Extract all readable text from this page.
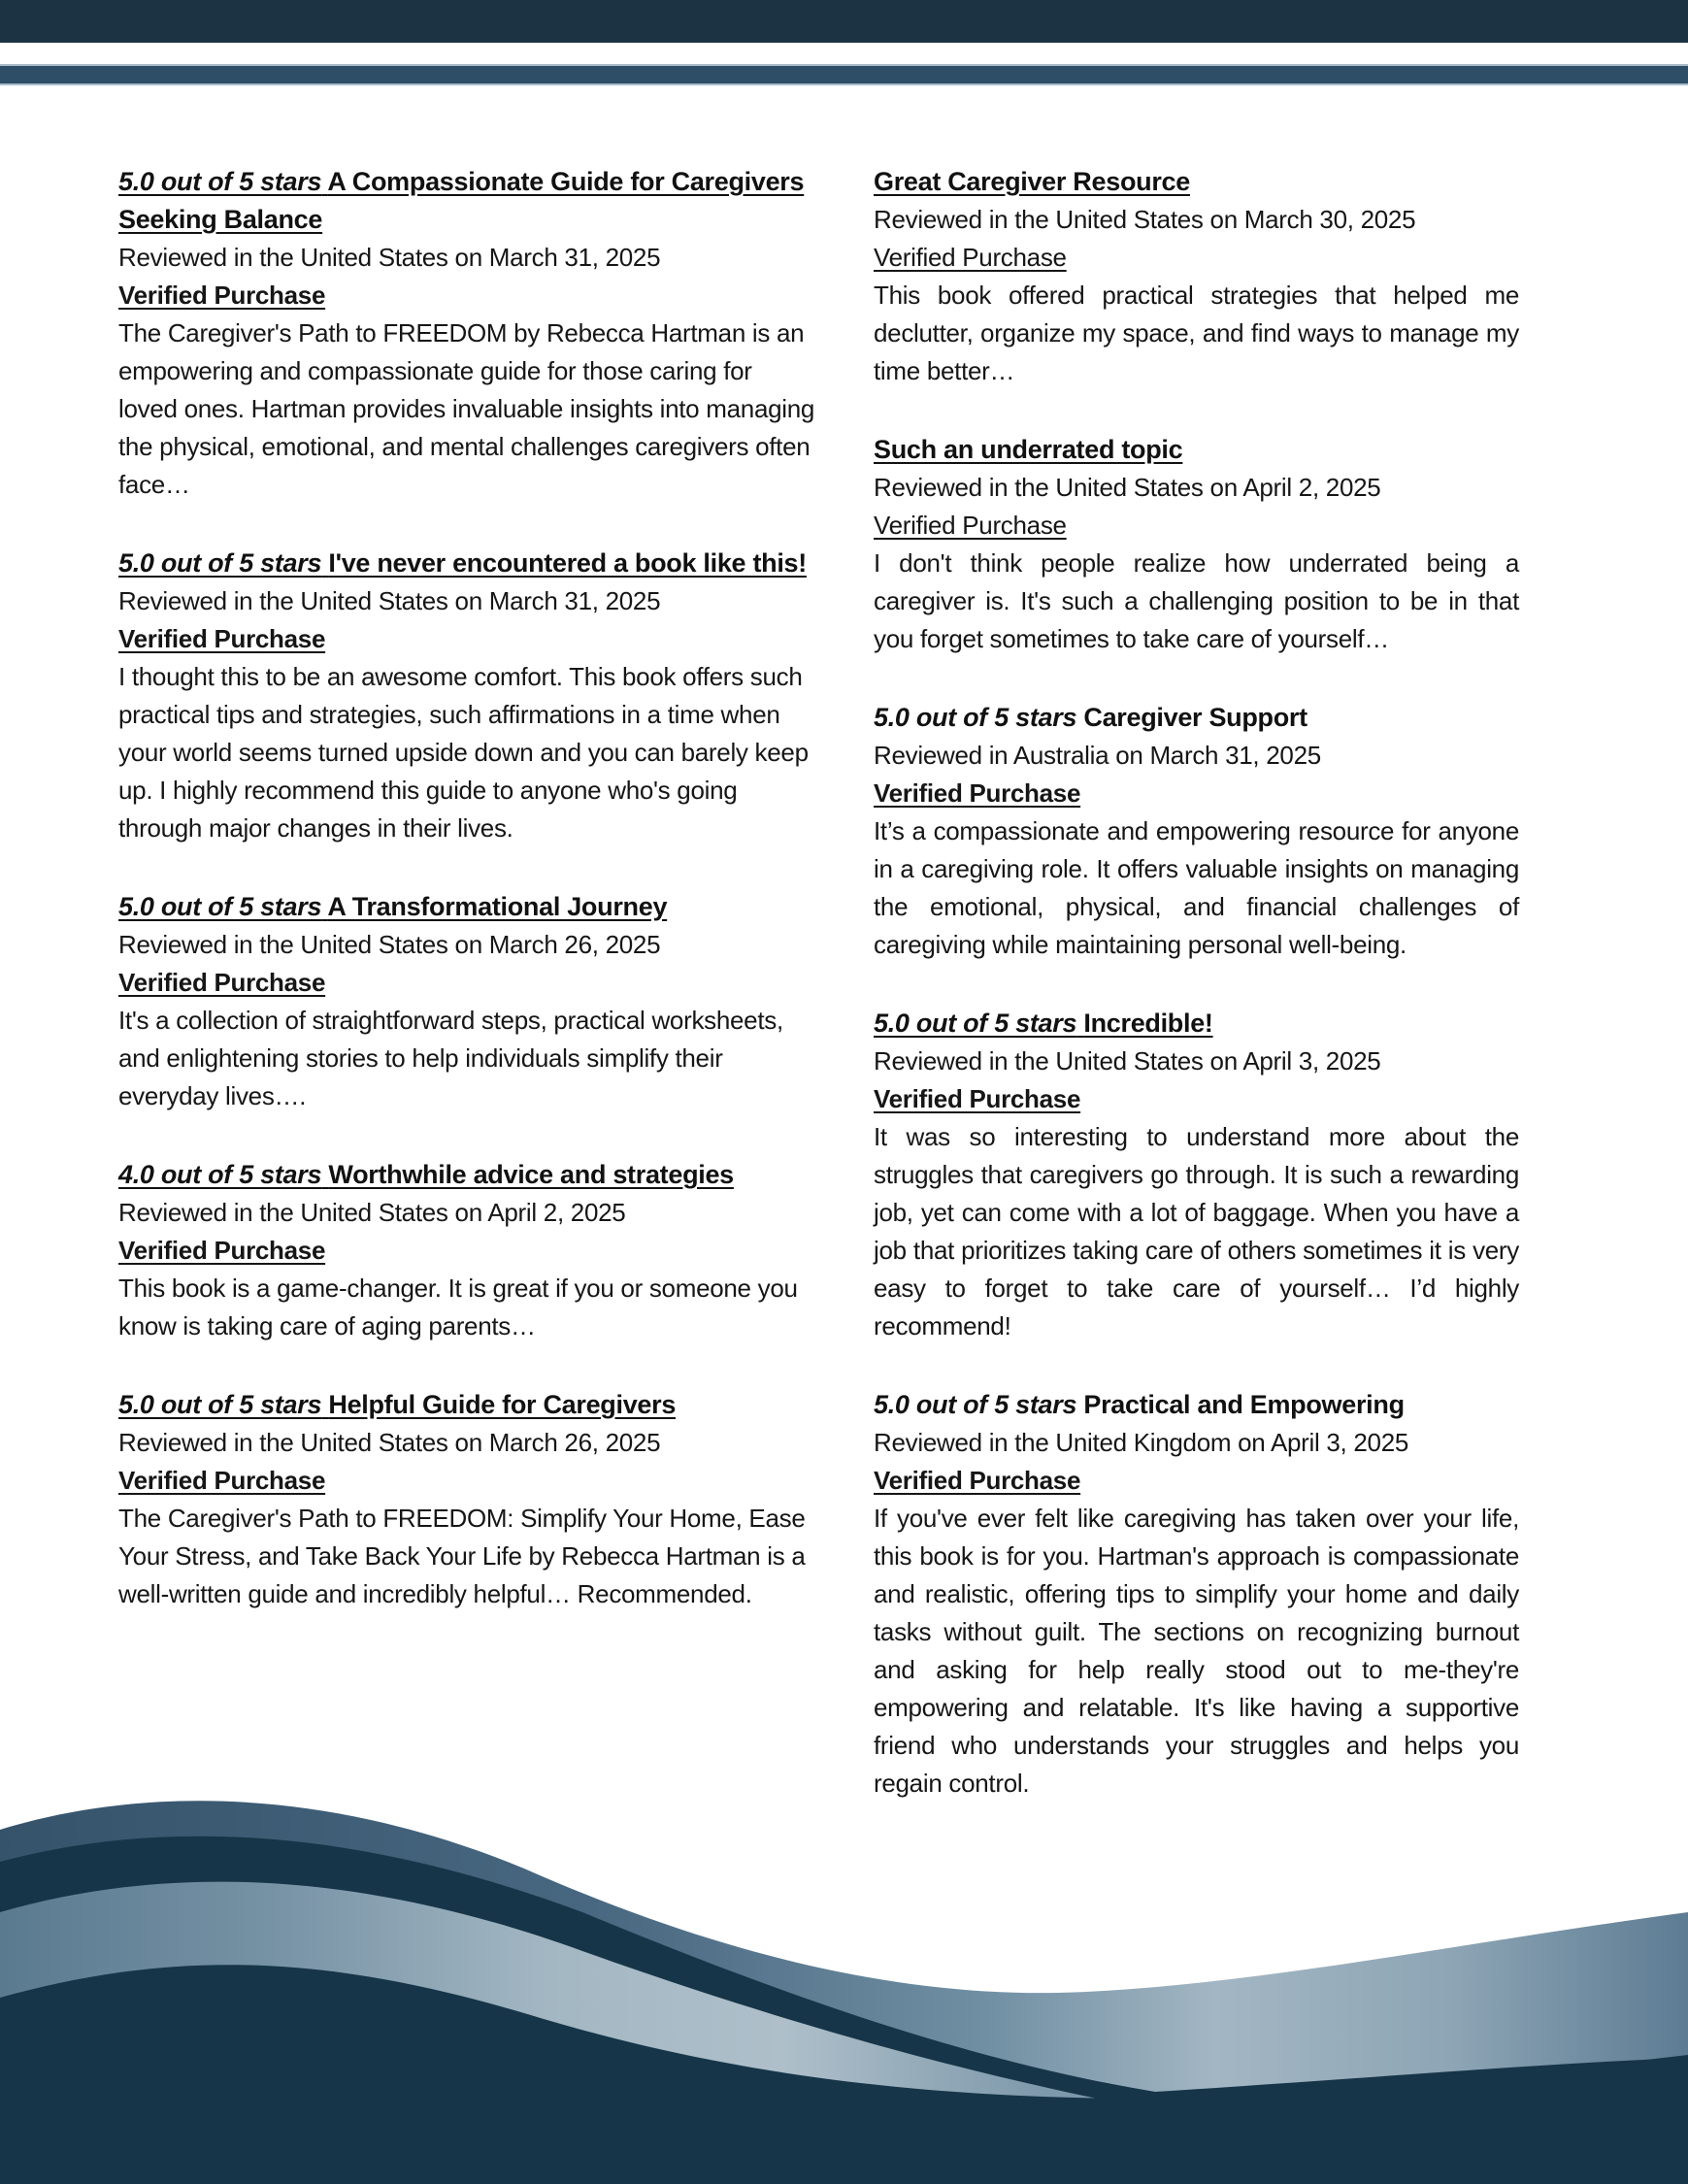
5.0 out of 5 stars A Compassionate Guide for Caregivers Seeking Balance

Reviewed in the United States on March 31, 2025

Verified Purchase

The Caregiver's Path to FREEDOM by Rebecca Hartman is an empowering and compassionate guide for those caring for loved ones. Hartman provides invaluable insights into managing the physical, emotional, and mental challenges caregivers often face…

5.0 out of 5 stars I've never encountered a book like this!

Reviewed in the United States on March 31, 2025

Verified Purchase

I thought this to be an awesome comfort. This book offers such practical tips and strategies, such affirmations in a time when your world seems turned upside down and you can barely keep up. I highly recommend this guide to anyone who's going through major changes in their lives.

5.0 out of 5 stars A Transformational Journey

Reviewed in the United States on March 26, 2025

Verified Purchase

It's a collection of straightforward steps, practical worksheets, and enlightening stories to help individuals simplify their everyday lives….

4.0 out of 5 stars Worthwhile advice and strategies

Reviewed in the United States on April 2, 2025

Verified Purchase

This book is a game-changer. It is great if you or someone you know is taking care of aging parents…

5.0 out of 5 stars Helpful Guide for Caregivers

Reviewed in the United States on March 26, 2025

Verified Purchase

The Caregiver's Path to FREEDOM: Simplify Your Home, Ease Your Stress, and Take Back Your Life by Rebecca Hartman is a well-written guide and incredibly helpful… Recommended.

Great Caregiver Resource

Reviewed in the United States on March 30, 2025

Verified Purchase

This book offered practical strategies that helped me declutter, organize my space, and find ways to manage my time better…

Such an underrated topic

Reviewed in the United States on April 2, 2025

Verified Purchase

I don't think people realize how underrated being a caregiver is. It's such a challenging position to be in that you forget sometimes to take care of yourself…

5.0 out of 5 stars Caregiver Support

Reviewed in Australia on March 31, 2025

Verified Purchase

It’s a compassionate and empowering resource for anyone in a caregiving role. It offers valuable insights on managing the emotional, physical, and financial challenges of caregiving while maintaining personal well-being.

5.0 out of 5 stars Incredible!

Reviewed in the United States on April 3, 2025

Verified Purchase

It was so interesting to understand more about the struggles that caregivers go through. It is such a rewarding job, yet can come with a lot of baggage. When you have a job that prioritizes taking care of others sometimes it is very easy to forget to take care of yourself… I’d highly recommend!

5.0 out of 5 stars Practical and Empowering

Reviewed in the United Kingdom on April 3, 2025

Verified Purchase

If you've ever felt like caregiving has taken over your life, this book is for you. Hartman's approach is compassionate and realistic, offering tips to simplify your home and daily tasks without guilt. The sections on recognizing burnout and asking for help really stood out to me-they're empowering and relatable. It's like having a supportive friend who understands your struggles and helps you regain control.
